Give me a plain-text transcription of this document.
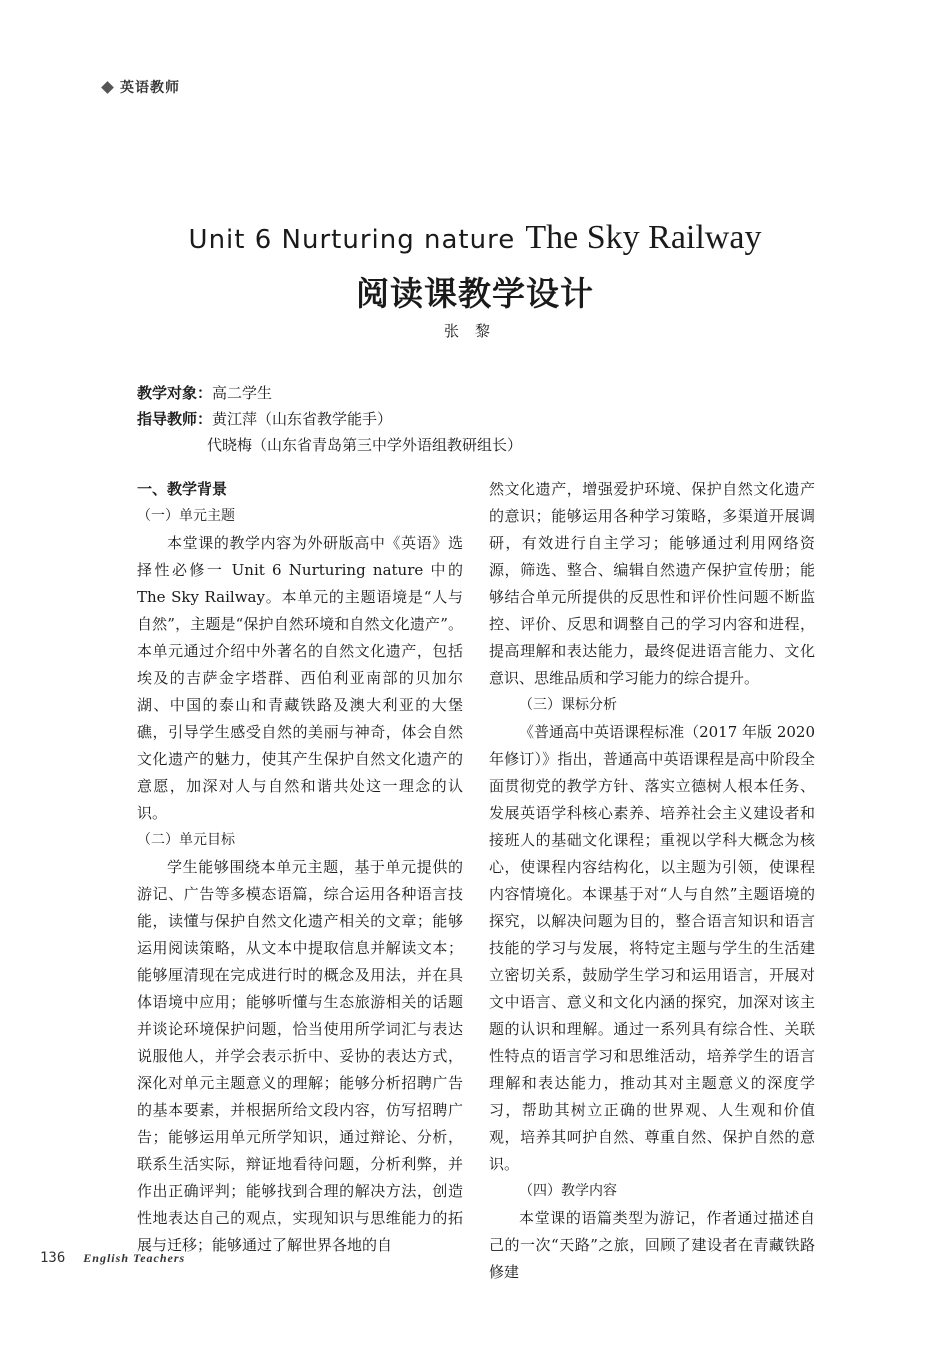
英语教师
Unit 6 Nurturing nature The Sky Railway
阅读课教学设计
张黎
教学对象：高二学生
指导教师：黄江萍（山东省教学能手）
代晓梅（山东省青岛第三中学外语组教研组长）

一、教学背景

（一）单元主题

本堂课的教学内容为外研版高中《英语》选择性必修一 Unit 6 Nurturing nature 中的 The Sky Railway。本单元的主题语境是“人与自然”，主题是“保护自然环境和自然文化遗产”。本单元通过介绍中外著名的自然文化遗产，包括埃及的吉萨金字塔群、西伯利亚南部的贝加尔湖、中国的泰山和青藏铁路及澳大利亚的大堡礁，引导学生感受自然的美丽与神奇，体会自然文化遗产的魅力，使其产生保护自然文化遗产的意愿，加深对人与自然和谐共处这一理念的认识。

（二）单元目标

学生能够围绕本单元主题，基于单元提供的游记、广告等多模态语篇，综合运用各种语言技能，读懂与保护自然文化遗产相关的文章；能够运用阅读策略，从文本中提取信息并解读文本；能够厘清现在完成进行时的概念及用法，并在具体语境中应用；能够听懂与生态旅游相关的话题并谈论环境保护问题，恰当使用所学词汇与表达说服他人，并学会表示折中、妥协的表达方式，深化对单元主题意义的理解；能够分析招聘广告的基本要素，并根据所给文段内容，仿写招聘广告；能够运用单元所学知识，通过辩论、分析，联系生活实际，辩证地看待问题，分析利弊，并作出正确评判；能够找到合理的解决方法，创造性地表达自己的观点，实现知识与思维能力的拓展与迁移；能够通过了解世界各地的自

然文化遗产，增强爱护环境、保护自然文化遗产的意识；能够运用各种学习策略，多渠道开展调研，有效进行自主学习；能够通过利用网络资源，筛选、整合、编辑自然遗产保护宣传册；能够结合单元所提供的反思性和评价性问题不断监控、评价、反思和调整自己的学习内容和进程，提高理解和表达能力，最终促进语言能力、文化意识、思维品质和学习能力的综合提升。

（三）课标分析

《普通高中英语课程标准（2017 年版 2020 年修订）》指出，普通高中英语课程是高中阶段全面贯彻党的教学方针、落实立德树人根本任务、发展英语学科核心素养、培养社会主义建设者和接班人的基础文化课程；重视以学科大概念为核心，使课程内容结构化，以主题为引领，使课程内容情境化。本课基于对“人与自然”主题语境的探究，以解决问题为目的，整合语言知识和语言技能的学习与发展，将特定主题与学生的生活建立密切关系，鼓励学生学习和运用语言，开展对文中语言、意义和文化内涵的探究，加深对该主题的认识和理解。通过一系列具有综合性、关联性特点的语言学习和思维活动，培养学生的语言理解和表达能力，推动其对主题意义的深度学习，帮助其树立正确的世界观、人生观和价值观，培养其呵护自然、尊重自然、保护自然的意识。

（四）教学内容

本堂课的语篇类型为游记，作者通过描述自己的一次“天路”之旅，回顾了建设者在青藏铁路修建

136 English Teachers
